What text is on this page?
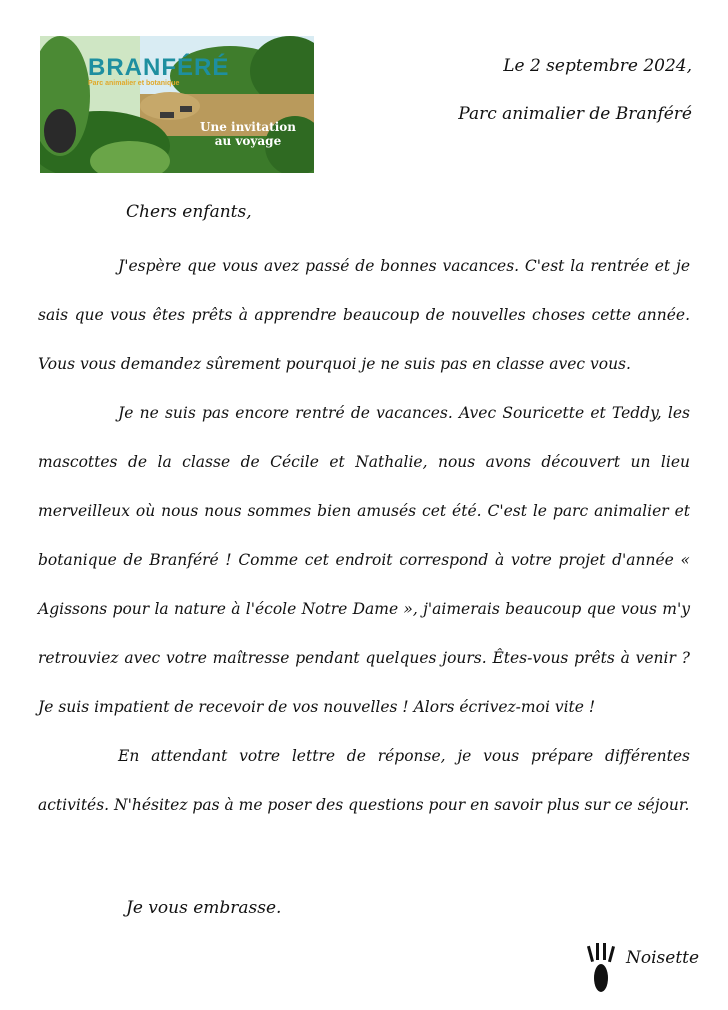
BRANFÉRÉ
Parc animalier et botanique
Une invitation
au voyage
Le 2 septembre 2024,
Parc animalier de Branféré
Chers enfants,

J'espère que vous avez passé de bonnes vacances. C'est la rentrée et je sais que vous êtes prêts à apprendre beaucoup de nouvelles choses cette année. Vous vous demandez sûrement pourquoi je ne suis pas en classe avec vous.

Je ne suis pas encore rentré de vacances. Avec Souricette et Teddy, les mascottes de la classe de Cécile et Nathalie, nous avons découvert un lieu merveilleux où nous nous sommes bien amusés cet été. C'est le parc animalier et botanique de Branféré ! Comme cet endroit correspond à votre projet d'année « Agissons pour la nature à l'école Notre Dame », j'aimerais beaucoup que vous m'y retrouviez avec votre maîtresse pendant quelques jours. Êtes-vous prêts à venir ? Je suis impatient de recevoir de vos nouvelles ! Alors écrivez-moi vite !

En attendant votre lettre de réponse, je vous prépare différentes activités. N'hésitez pas à me poser des questions pour en savoir plus sur ce séjour.

Je vous embrasse.
Noisette
